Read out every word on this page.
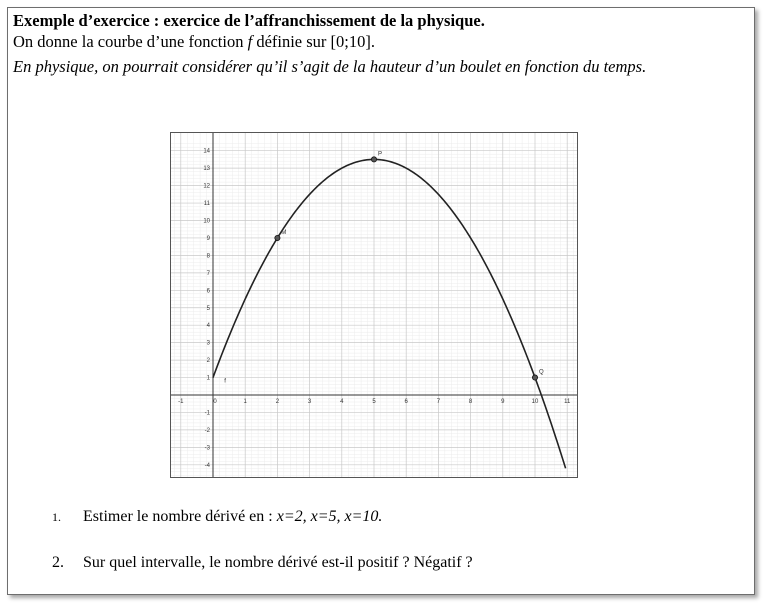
Exemple d’exercice : exercice de l’affranchissement de la physique.
On donne la courbe d’une fonction f définie sur [0;10].
En physique, on pourrait considérer qu’il s’agit de la hauteur d’un boulet en fonction du temps.
-1	0	1	2	3	4	5	6	7	8	9	10	11
14
13
12
11
10
9
8
7
6
5
4
3
2
1
-1
-2
-3
-4
f
M
P
Q
1. Estimer le nombre dérivé en : x=2, x=5, x=10.
2. Sur quel intervalle, le nombre dérivé est-il positif ? Négatif ?
